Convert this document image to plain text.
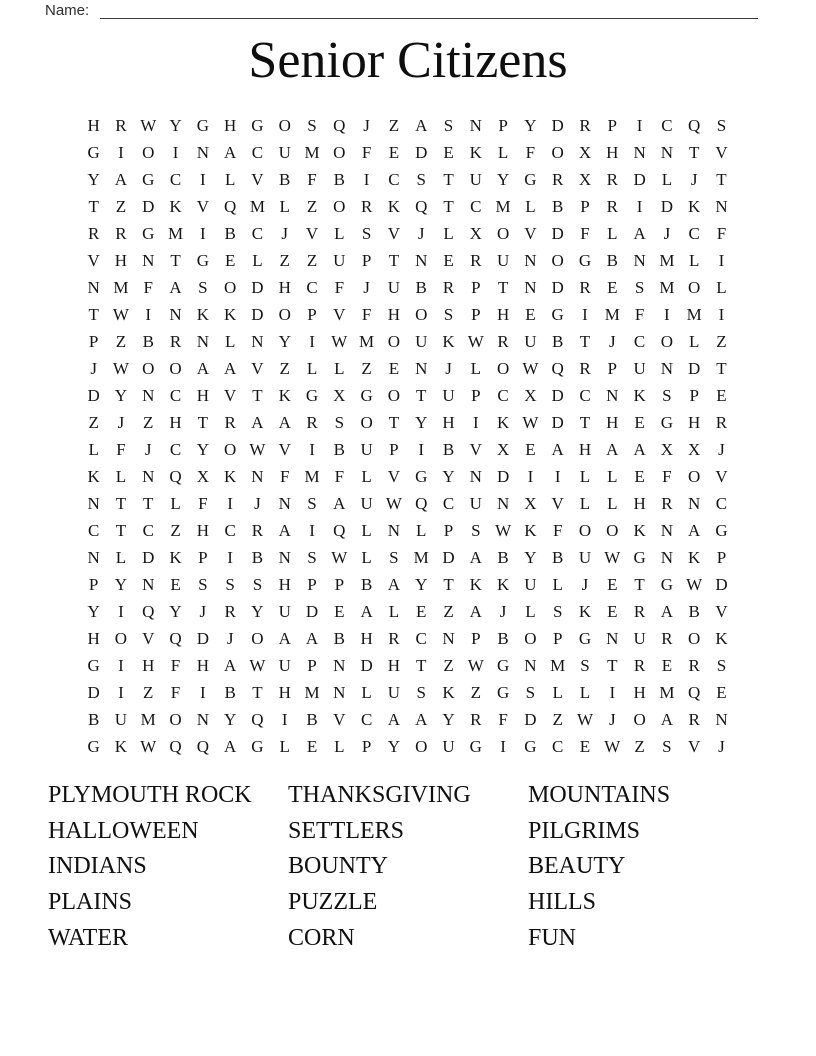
Name:
Senior Citizens
H R W Y G H G O S Q	J	Z A S N P Y D R P	I	C Q S
G	I	O	I	N A C U M O F	E D E K L	F O X H N N T V
Y A G C	I	L V B F B	I	C S	T U Y G R X R D L	J	T
T Z D K V Q M L Z O R K Q T C M L B P R	I	D K N
R R G M I	B C	J	V L	S V	J	L X O V D F	L A	J	C F
V H N T G E L Z Z U P	T N E R U N O G B N M L	I
N M F A S O D H C F	J	U B R P	T N D R E	S M O L
T W I	N K K D O P V F H O S	P H E G	I M F	I M I
P	Z B R N L N Y	I W M O U K W R U B T	J	C O L Z
J W O O A A V Z L L Z E N	J	L O W Q R P U N D T
D Y N C H V T K G X G O T U P C X D C N K S	P	E
Z	J	Z H T R A A R S O T Y H	I	K W D T H E G H R
L	F	J	C Y O W V	I	B U P	I	B V X E A H A A X X	J
K L N Q X K N F M F	L V G Y N D	I	I	L L E	F O V
N T T L	F	I	J	N S A U W Q C U N X V L L H R N C
C T C Z H C R A	I	Q L N L	P	S W K F O O K N A G
N L D K P	I	B N S W L	S M D A B Y B U W G N K P
P Y N E	S	S	S H P	P B A Y T K K U L	J	E T G W D
Y	I	Q Y	J	R Y U D E A L E Z A	J	L	S K E R A B V
H O V Q D	J	O A A B H R C N P B O P G N U R O K
G	I	H F H A W U P N D H T Z W G N M S	T R E R S
D	I	Z	F	I	B T H M N L U S K Z G S	L L	I	H M Q E
B U M O N Y Q	I	B V C A A Y R F D Z W J	O A R N
G K W Q Q A G L E L	P Y O U G	I	G C E W Z	S V	J
PLYMOUTH ROCK
HALLOWEEN
INDIANS
PLAINS
WATER
THANKSGIVING
SETTLERS
BOUNTY
PUZZLE
CORN
MOUNTAINS
PILGRIMS
BEAUTY
HILLS
FUN
